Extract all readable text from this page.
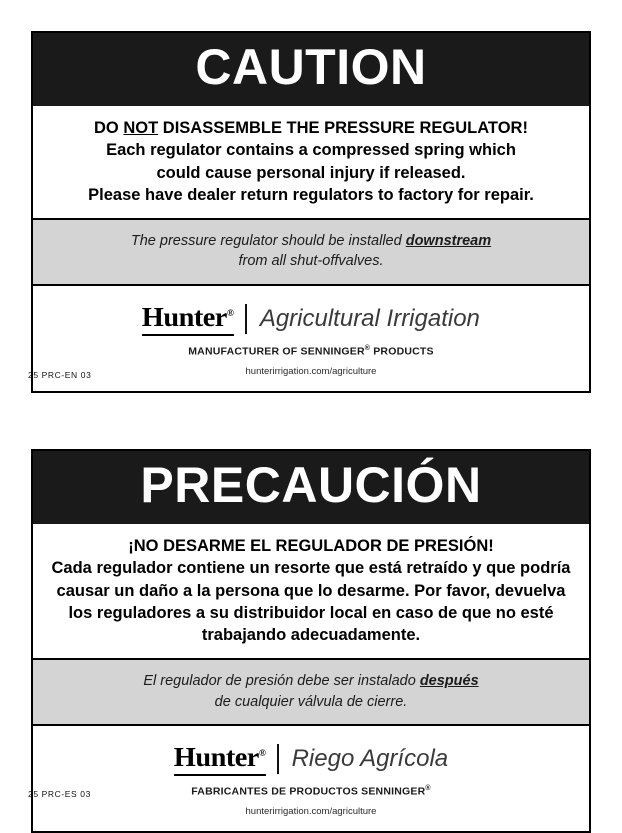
CAUTION
DO NOT DISASSEMBLE THE PRESSURE REGULATOR!
Each regulator contains a compressed spring which
could cause personal injury if released.
Please have dealer return regulators to factory for repair.
The pressure regulator should be installed downstream
from all shut-offvalves.
Hunter® Agricultural Irrigation
MANUFACTURER OF SENNINGER® PRODUCTS
hunterirrigation.com/agriculture
25 PRC-EN 03
PRECAUCIÓN
¡NO DESARME EL REGULADOR DE PRESIÓN!
Cada regulador contiene un resorte que está retraído y que podría
causar un daño a la persona que lo desarme. Por favor, devuelva
los reguladores a su distribuidor local en caso de que no esté
trabajando adecuadamente.
El regulador de presión debe ser instalado después
de cualquier válvula de cierre.
Hunter® Riego Agrícola
FABRICANTES DE PRODUCTOS SENNINGER®
hunterirrigation.com/agriculture
25 PRC-ES 03
